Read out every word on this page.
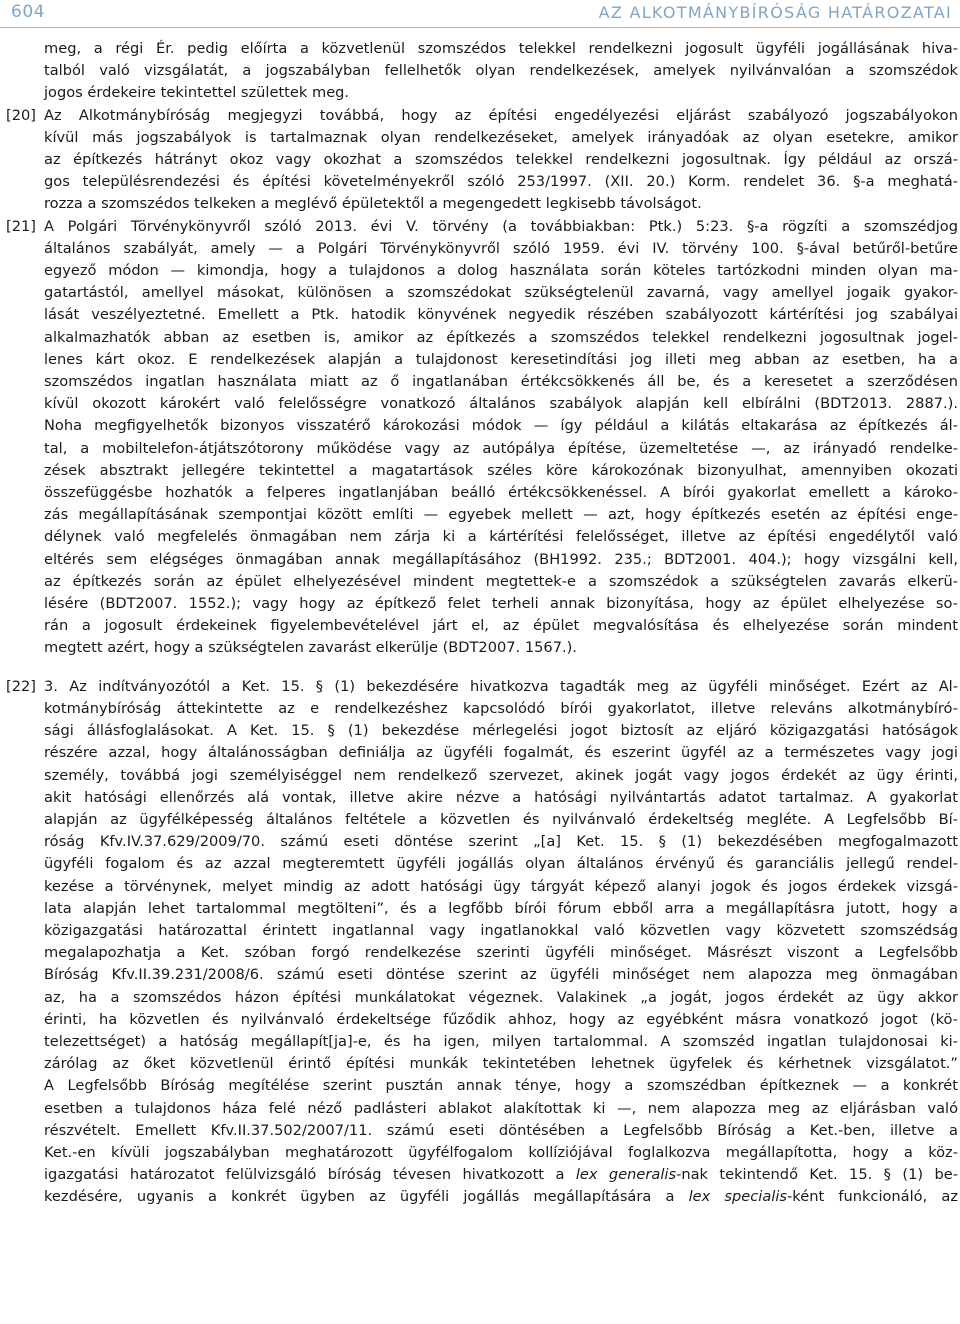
604	AZ ALKOTMÁNYBÍRÓSÁG HATÁROZATAI
meg, a régi Ér. pedig előírta a közvetlenül szomszédos telekkel rendelkezni jogosult ügyféli jogállásának hiva-
talból való vizsgálatát, a jogszabályban fellelhetők olyan rendelkezések, amelyek nyilvánvalóan a szomszédok
jogos érdekeire tekintettel születtek meg.
[20] Az Alkotmánybíróság megjegyzi továbbá, hogy az építési engedélyezési eljárást szabályozó jogszabályokon
kívül más jogszabályok is tartalmaznak olyan rendelkezéseket, amelyek irányadóak az olyan esetekre, amikor
az építkezés hátrányt okoz vagy okozhat a szomszédos telekkel rendelkezni jogosultnak. Így például az orszá-
gos településrendezési és építési követelményekről szóló 253/1997. (XII. 20.) Korm. rendelet 36. §-a meghatá-
rozza a szomszédos telkeken a meglévő épületektől a megengedett legkisebb távolságot.
[21] A Polgári Törvénykönyvről szóló 2013. évi V. törvény (a továbbiakban: Ptk.) 5:23. §-a rögzíti a szomszédjog
általános szabályát, amely — a Polgári Törvénykönyvről szóló 1959. évi IV. törvény 100. §-ával betűről-betűre
egyező módon — kimondja, hogy a tulajdonos a dolog használata során köteles tartózkodni minden olyan ma-
gatartástól, amellyel másokat, különösen a szomszédokat szükségtelenül zavarná, vagy amellyel jogaik gyakor-
lását veszélyeztetné. Emellett a Ptk. hatodik könyvének negyedik részében szabályozott kártérítési jog szabályai
alkalmazhatók abban az esetben is, amikor az építkezés a szomszédos telekkel rendelkezni jogosultnak jogel-
lenes kárt okoz. E rendelkezések alapján a tulajdonost keresetindítási jog illeti meg abban az esetben, ha a
szomszédos ingatlan használata miatt az ő ingatlanában értékcsökkenés áll be, és a keresetet a szerződésen
kívül okozott károkért való felelősségre vonatkozó általános szabályok alapján kell elbírálni (BDT2013. 2887.).
Noha megfigyelhetők bizonyos visszatérő károkozási módok — így például a kilátás eltakarása az építkezés ál-
tal, a mobiltelefon-átjátszótorony működése vagy az autópálya építése, üzemeltetése —, az irányadó rendelke-
zések absztrakt jellegére tekintettel a magatartások széles köre károkozónak bizonyulhat, amennyiben okozati
összefüggésbe hozhatók a felperes ingatlanjában beálló értékcsökkenéssel. A bírói gyakorlat emellett a károko-
zás megállapításának szempontjai között említi — egyebek mellett — azt, hogy építkezés esetén az építési enge-
délynek való megfelelés önmagában nem zárja ki a kártérítési felelősséget, illetve az építési engedélytől való
eltérés sem elégséges önmagában annak megállapításához (BH1992. 235.; BDT2001. 404.); hogy vizsgálni kell,
az építkezés során az épület elhelyezésével mindent megtettek-e a szomszédok a szükségtelen zavarás elkerü-
lésére (BDT2007. 1552.); vagy hogy az építkező felet terheli annak bizonyítása, hogy az épület elhelyezése so-
rán a jogosult érdekeinek figyelembevételével járt el, az épület megvalósítása és elhelyezése során mindent
megtett azért, hogy a szükségtelen zavarást elkerülje (BDT2007. 1567.).
[22] 3. Az indítványozótól a Ket. 15. § (1) bekezdésére hivatkozva tagadták meg az ügyféli minőséget. Ezért az Al-
kotmánybíróság áttekintette az e rendelkezéshez kapcsolódó bírói gyakorlatot, illetve releváns alkotmánybíró-
sági állásfoglalásokat. A Ket. 15. § (1) bekezdése mérlegelési jogot biztosít az eljáró közigazgatási hatóságok
részére azzal, hogy általánosságban definiálja az ügyféli fogalmát, és eszerint ügyfél az a természetes vagy jogi
személy, továbbá jogi személyiséggel nem rendelkező szervezet, akinek jogát vagy jogos érdekét az ügy érinti,
akit hatósági ellenőrzés alá vontak, illetve akire nézve a hatósági nyilvántartás adatot tartalmaz. A gyakorlat
alapján az ügyfélképesség általános feltétele a közvetlen és nyilvánvaló érdekeltség megléte. A Legfelsőbb Bí-
róság Kfv.IV.37.629/2009/70. számú eseti döntése szerint „[a] Ket. 15. § (1) bekezdésében megfogalmazott
ügyféli fogalom és az azzal megteremtett ügyféli jogállás olyan általános érvényű és garanciális jellegű rendel-
kezése a törvénynek, melyet mindig az adott hatósági ügy tárgyát képező alanyi jogok és jogos érdekek vizsgá-
lata alapján lehet tartalommal megtölteni”, és a legfőbb bírói fórum ebből arra a megállapításra jutott, hogy a
közigazgatási határozattal érintett ingatlannal vagy ingatlanokkal való közvetlen vagy közvetett szomszédság
megalapozhatja a Ket. szóban forgó rendelkezése szerinti ügyféli minőséget. Másrészt viszont a Legfelsőbb
Bíróság Kfv.II.39.231/2008/6. számú eseti döntése szerint az ügyféli minőséget nem alapozza meg önmagában
az, ha a szomszédos házon építési munkálatokat végeznek. Valakinek „a jogát, jogos érdekét az ügy akkor
érinti, ha közvetlen és nyilvánvaló érdekeltsége fűződik ahhoz, hogy az egyébként másra vonatkozó jogot (kö-
telezettséget) a hatóság megállapít[ja]-e, és ha igen, milyen tartalommal. A szomszéd ingatlan tulajdonosai ki-
zárólag az őket közvetlenül érintő építési munkák tekintetében lehetnek ügyfelek és kérhetnek vizsgálatot.”
A Legfelsőbb Bíróság megítélése szerint pusztán annak ténye, hogy a szomszédban építkeznek — a konkrét
esetben a tulajdonos háza felé néző padlásteri ablakot alakítottak ki —, nem alapozza meg az eljárásban való
részvételt. Emellett Kfv.II.37.502/2007/11. számú eseti döntésében a Legfelsőbb Bíróság a Ket.-ben, illetve a
Ket.-en kívüli jogszabályban meghatározott ügyfélfogalom kollíziójával foglalkozva megállapította, hogy a köz-
igazgatási határozatot felülvizsgáló bíróság tévesen hivatkozott a lex generalis-nak tekintendő Ket. 15. § (1) be-
kezdésére, ugyanis a konkrét ügyben az ügyféli jogállás megállapítására a lex specialis-ként funkcionáló, az
